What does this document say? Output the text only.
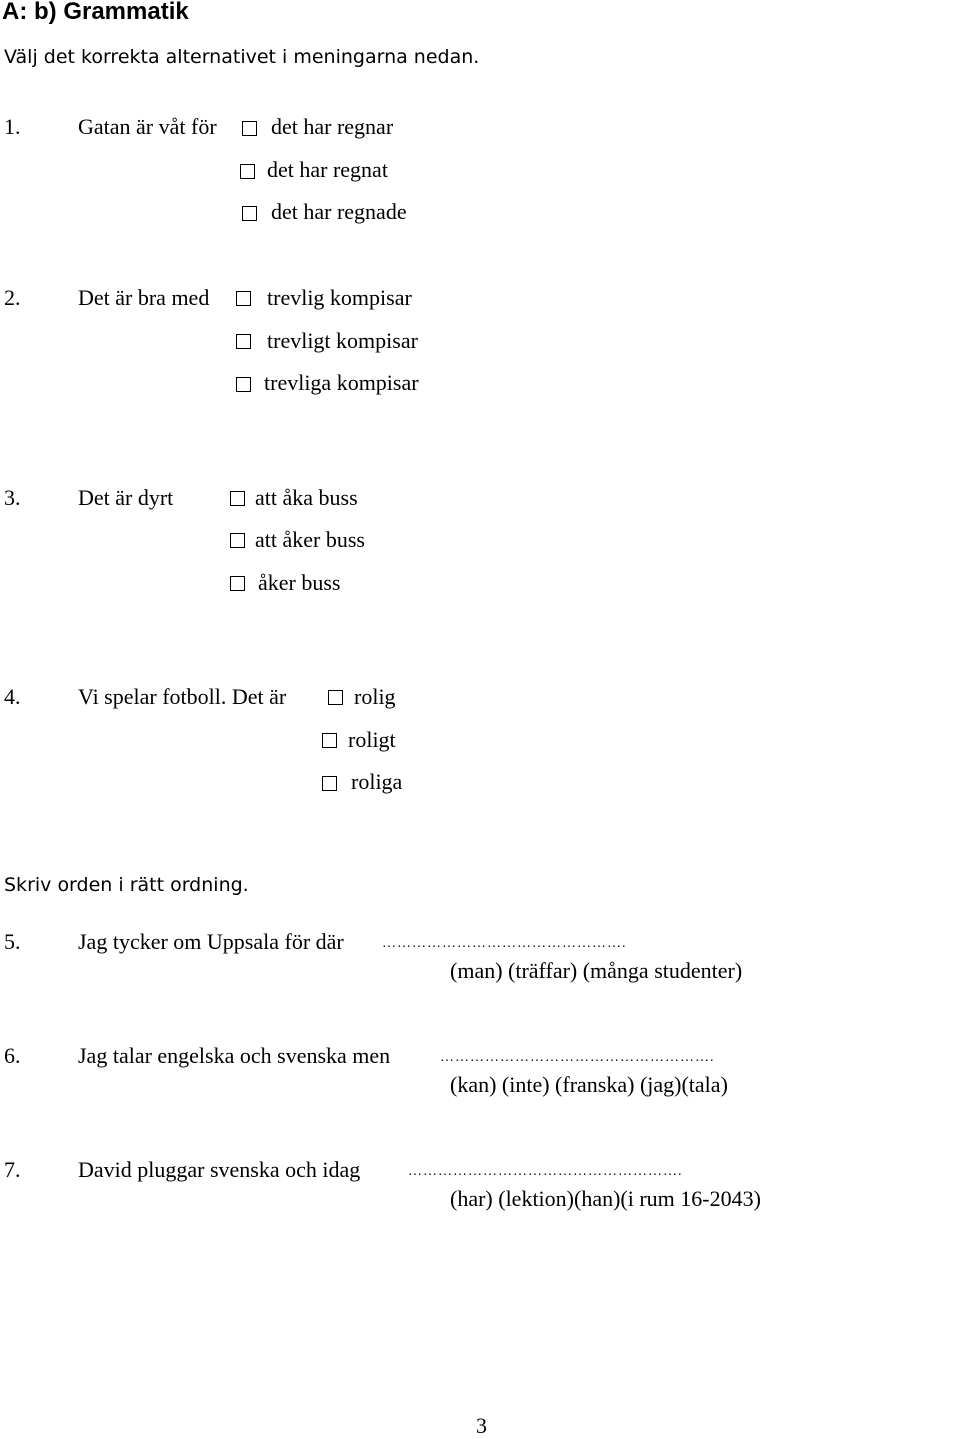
A: b) Grammatik
Välj det korrekta alternativet i meningarna nedan.
1.	Gatan är våt för det har regnar
det har regnat
det har regnade
2.	Det är bra med	trevlig kompisar
trevligt kompisar
trevliga kompisar
3.	Det är dyrt	att åka buss
att åker buss
åker buss
4.	Vi spelar fotboll. Det är	rolig
roligt
roliga
Skriv orden i rätt ordning.
5.	Jag tycker om Uppsala för där	………………………………………….
(man) (träffar) (många studenter)
6.	Jag talar engelska och svenska men	……………………………………………….
(kan) (inte) (franska) (jag)(tala)
7.	David pluggar svenska och idag	……………………………………………….
(har) (lektion)(han)(i rum 16-2043)
3
